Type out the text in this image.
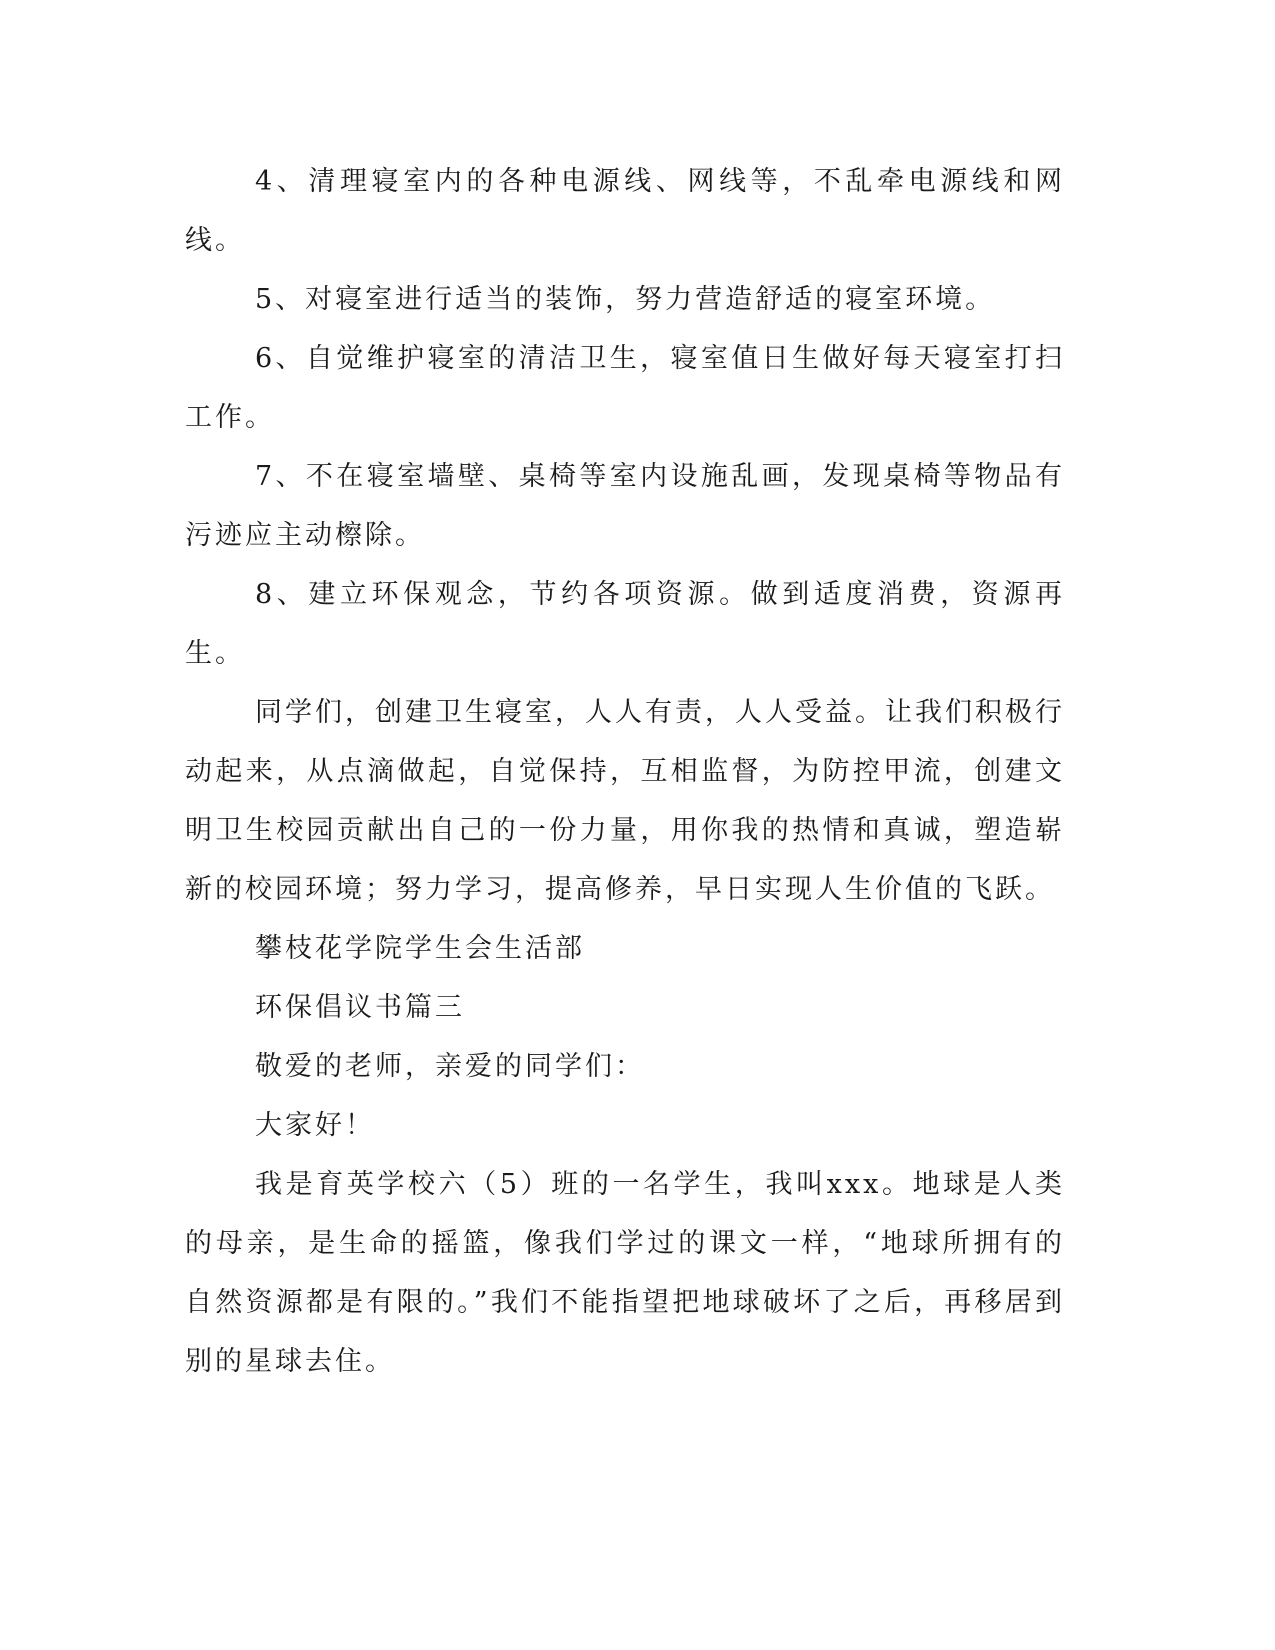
4、清理寝室内的各种电源线、网线等，不乱牵电源线和网线。

5、对寝室进行适当的装饰，努力营造舒适的寝室环境。

6、自觉维护寝室的清洁卫生，寝室值日生做好每天寝室打扫工作。

7、不在寝室墙壁、桌椅等室内设施乱画，发现桌椅等物品有污迹应主动檫除。

8、建立环保观念，节约各项资源。做到适度消费，资源再生。

同学们，创建卫生寝室，人人有责，人人受益。让我们积极行动起来，从点滴做起，自觉保持，互相监督，为防控甲流，创建文明卫生校园贡献出自己的一份力量，用你我的热情和真诚，塑造崭新的校园环境；努力学习，提高修养，早日实现人生价值的飞跃。

攀枝花学院学生会生活部

环保倡议书篇三

敬爱的老师，亲爱的同学们：

大家好！

我是育英学校六（5）班的一名学生，我叫xxx。地球是人类的母亲，是生命的摇篮，像我们学过的课文一样，“地球所拥有的自然资源都是有限的。”我们不能指望把地球破坏了之后，再移居到别的星球去住。
